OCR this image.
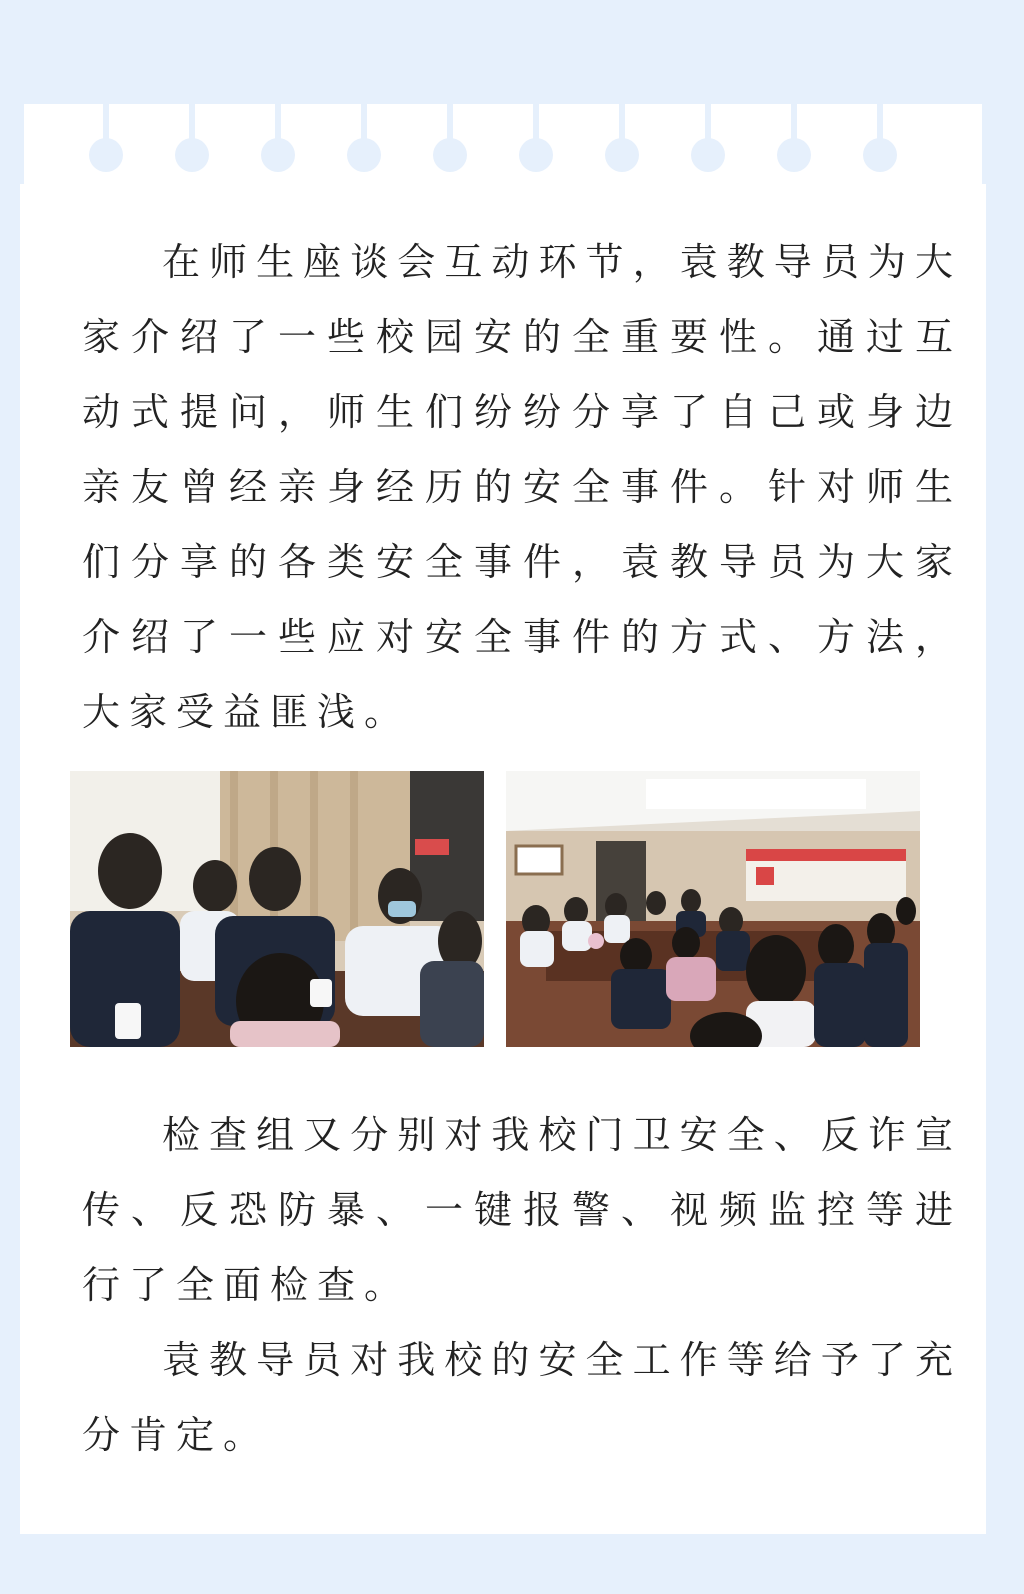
在师生座谈会互动环节，袁教导员为大家介绍了一些校园安的全重要性。通过互动式提问，师生们纷纷分享了自己或身边亲友曾经亲身经历的安全事件。针对师生们分享的各类安全事件，袁教导员为大家介绍了一些应对安全事件的方式、方法，大家受益匪浅。

检查组又分别对我校门卫安全、反诈宣传、反恐防暴、一键报警、视频监控等进行了全面检查。

袁教导员对我校的安全工作等给予了充分肯定。
